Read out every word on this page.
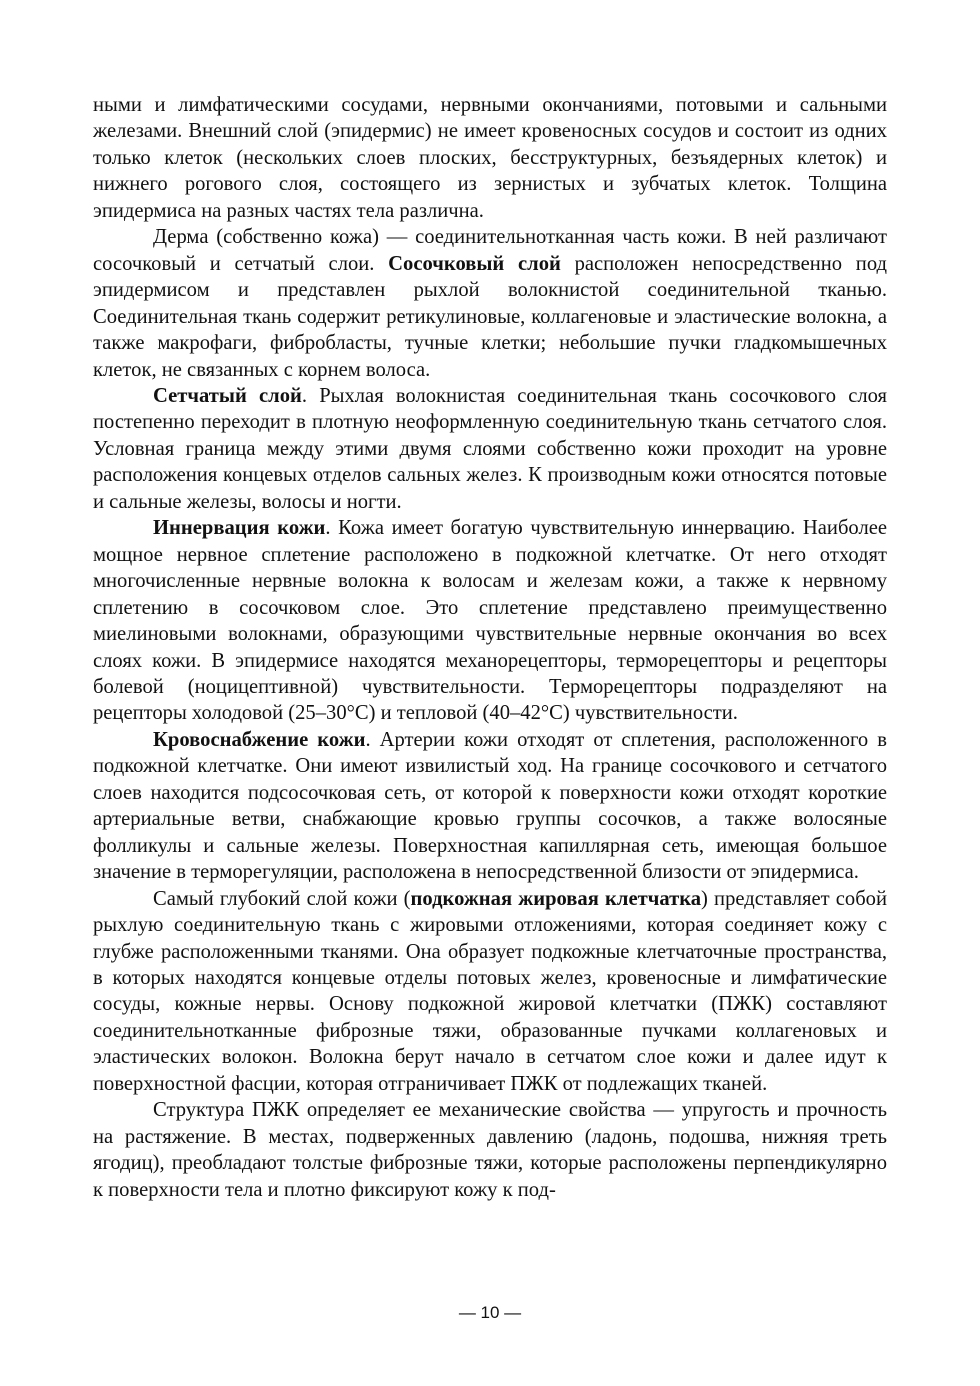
ными и лимфатическими сосудами, нервными окончаниями, потовыми и сальными железами. Внешний слой (эпидермис) не имеет кровеносных сосудов и состоит из одних только клеток (нескольких слоев плоских, бесструктурных, безъядерных клеток) и нижнего рогового слоя, состоящего из зернистых и зубчатых клеток. Толщина эпидермиса на разных частях тела различна.

Дерма (собственно кожа) — соединительнотканная часть кожи. В ней различают сосочковый и сетчатый слои. Сосочковый слой расположен непосредственно под эпидермисом и представлен рыхлой волокнистой соединительной тканью. Соединительная ткань содержит ретикулиновые, коллагеновые и эластические волокна, а также макрофаги, фибробласты, тучные клетки; небольшие пучки гладкомышечных клеток, не связанных с корнем волоса.

Сетчатый слой. Рыхлая волокнистая соединительная ткань сосочкового слоя постепенно переходит в плотную неоформленную соединительную ткань сетчатого слоя. Условная граница между этими двумя слоями собственно кожи проходит на уровне расположения концевых отделов сальных желез. К производным кожи относятся потовые и сальные железы, волосы и ногти.

Иннервация кожи. Кожа имеет богатую чувствительную иннервацию. Наиболее мощное нервное сплетение расположено в подкожной клетчатке. От него отходят многочисленные нервные волокна к волосам и железам кожи, а также к нервному сплетению в сосочковом слое. Это сплетение представлено преимущественно миелиновыми волокнами, образующими чувствительные нервные окончания во всех слоях кожи. В эпидермисе находятся механорецепторы, терморецепторы и рецепторы болевой (ноцицептивной) чувствительности. Терморецепторы подразделяют на рецепторы холодовой (25–30°С) и тепловой (40–42°С) чувствительности.

Кровоснабжение кожи. Артерии кожи отходят от сплетения, расположенного в подкожной клетчатке. Они имеют извилистый ход. На границе сосочкового и сетчатого слоев находится подсосочковая сеть, от которой к поверхности кожи отходят короткие артериальные ветви, снабжающие кровью группы сосочков, а также волосяные фолликулы и сальные железы. Поверхностная капиллярная сеть, имеющая большое значение в терморегуляции, расположена в непосредственной близости от эпидермиса.

Самый глубокий слой кожи (подкожная жировая клетчатка) представляет собой рыхлую соединительную ткань с жировыми отложениями, которая соединяет кожу с глубже расположенными тканями. Она образует подкожные клетчаточные пространства, в которых находятся концевые отделы потовых желез, кровеносные и лимфатические сосуды, кожные нервы. Основу подкожной жировой клетчатки (ПЖК) составляют соединительнотканные фиброзные тяжи, образованные пучками коллагеновых и эластических волокон. Волокна берут начало в сетчатом слое кожи и далее идут к поверхностной фасции, которая отграничивает ПЖК от подлежащих тканей.

Структура ПЖК определяет ее механические свойства — упругость и прочность на растяжение. В местах, подверженных давлению (ладонь, подошва, нижняя треть ягодиц), преобладают толстые фиброзные тяжи, которые расположены перпендикулярно к поверхности тела и плотно фиксируют кожу к под-

— 10 —
